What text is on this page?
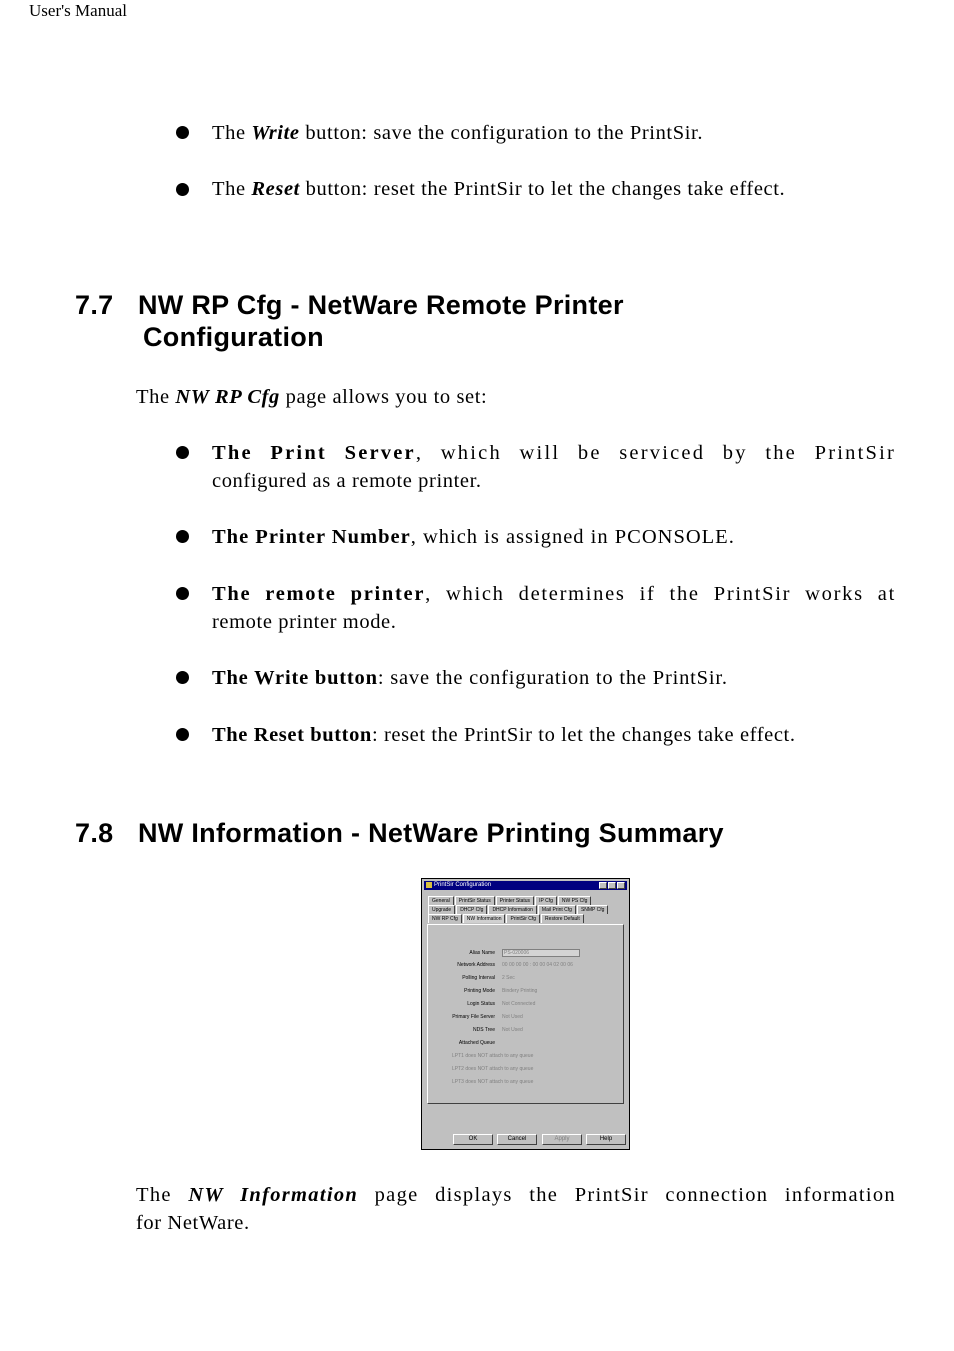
User's Manual
The Write button: save the configuration to the PrintSir.
The Reset button: reset the PrintSir to let the changes take effect.
7.7 NW RP Cfg - NetWare Remote Printer
Configuration
The NW RP Cfg page allows you to set:
The Print Server, which will be serviced by the PrintSir
configured as a remote printer.
The Printer Number, which is assigned in PCONSOLE.
The remote printer, which determines if the PrintSir works at
remote printer mode.
The Write button: save the configuration to the PrintSir.
The Reset button: reset the PrintSir to let the changes take effect.
7.8 NW Information - NetWare Printing Summary
PrintSir Configuration
General	PrintSir Status	Printer Status	IP Cfg	NW PS Cfg
Upgrade	DHCP Cfg	DHCP Information	Mail Print Cfg	SNMP Cfg
NW RP Cfg	NW Information	PrintSir Cfg	Restore Default
Alias Name	PS-020006
Network Address 00 00 00 00 : 00 00 04 02 00 06
Polling Interval 2 Sec
Printing Mode Bindery Printing
Login Status Not Connected
Primary File Server Not Used
NDS Tree Not Used
Attached Queue
LPT1 does NOT attach to any queue
LPT2 does NOT attach to any queue
LPT3 does NOT attach to any queue
OK	Cancel	Apply	Help
The NW Information page displays the PrintSir connection information
for NetWare.
